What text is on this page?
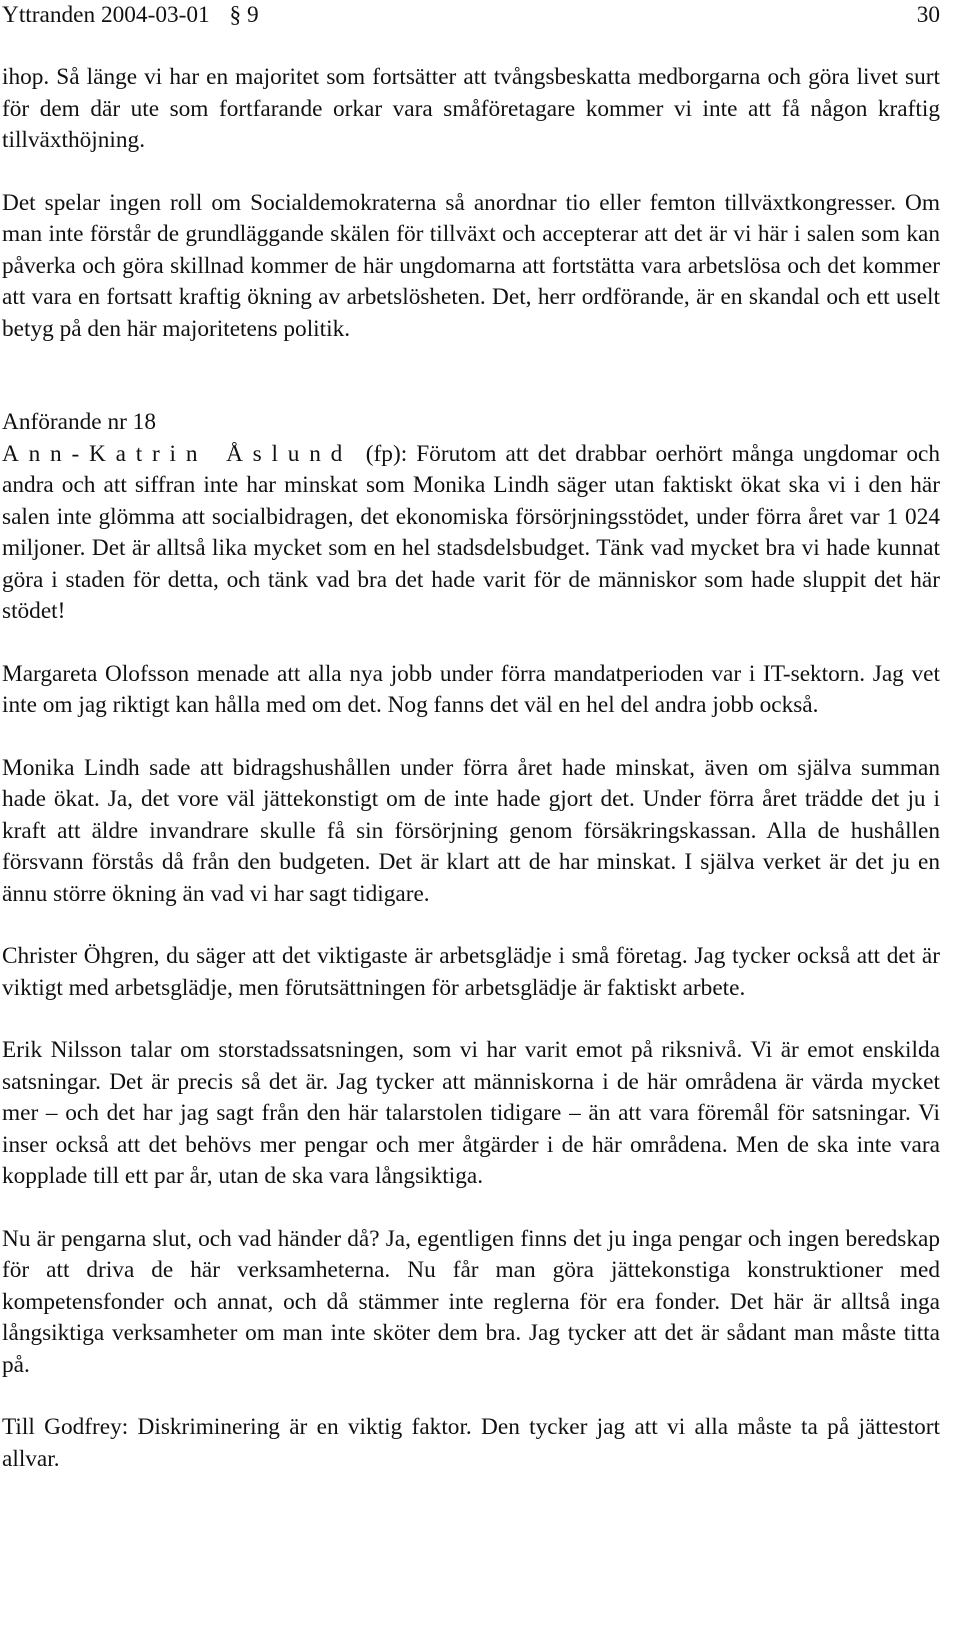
Yttranden 2004-03-01 § 9	30

ihop. Så länge vi har en majoritet som fortsätter att tvångsbeskatta medborgarna och göra livet surt för dem där ute som fortfarande orkar vara småföretagare kommer vi inte att få någon kraftig tillväxthöjning.

Det spelar ingen roll om Socialdemokraterna så anordnar tio eller femton tillväxtkongresser. Om man inte förstår de grundläggande skälen för tillväxt och accepterar att det är vi här i salen som kan påverka och göra skillnad kommer de här ungdomarna att fortstätta vara arbetslösa och det kommer att vara en fortsatt kraftig ökning av arbetslösheten. Det, herr ordförande, är en skandal och ett uselt betyg på den här majoritetens politik.

Anförande nr 18

Ann-Katrin Åslund (fp): Förutom att det drabbar oerhört många ungdomar och andra och att siffran inte har minskat som Monika Lindh säger utan faktiskt ökat ska vi i den här salen inte glömma att socialbidragen, det ekonomiska försörjningsstödet, under förra året var 1 024 miljoner. Det är alltså lika mycket som en hel stadsdelsbudget. Tänk vad mycket bra vi hade kunnat göra i staden för detta, och tänk vad bra det hade varit för de människor som hade sluppit det här stödet!

Margareta Olofsson menade att alla nya jobb under förra mandatperioden var i IT-sektorn. Jag vet inte om jag riktigt kan hålla med om det. Nog fanns det väl en hel del andra jobb också.

Monika Lindh sade att bidragshushållen under förra året hade minskat, även om själva summan hade ökat. Ja, det vore väl jättekonstigt om de inte hade gjort det. Under förra året trädde det ju i kraft att äldre invandrare skulle få sin försörjning genom försäkringskassan. Alla de hushållen försvann förstås då från den budgeten. Det är klart att de har minskat. I själva verket är det ju en ännu större ökning än vad vi har sagt tidigare.

Christer Öhgren, du säger att det viktigaste är arbetsglädje i små företag. Jag tycker också att det är viktigt med arbetsglädje, men förutsättningen för arbetsglädje är faktiskt arbete.

Erik Nilsson talar om storstadssatsningen, som vi har varit emot på riksnivå. Vi är emot enskilda satsningar. Det är precis så det är. Jag tycker att människorna i de här områdena är värda mycket mer – och det har jag sagt från den här talarstolen tidigare – än att vara föremål för satsningar. Vi inser också att det behövs mer pengar och mer åtgärder i de här områdena. Men de ska inte vara kopplade till ett par år, utan de ska vara långsiktiga.

Nu är pengarna slut, och vad händer då? Ja, egentligen finns det ju inga pengar och ingen beredskap för att driva de här verksamheterna. Nu får man göra jättekonstiga konstruktioner med kompetensfonder och annat, och då stämmer inte reglerna för era fonder. Det här är alltså inga långsiktiga verksamheter om man inte sköter dem bra. Jag tycker att det är sådant man måste titta på.

Till Godfrey: Diskriminering är en viktig faktor. Den tycker jag att vi alla måste ta på jättestort allvar.
